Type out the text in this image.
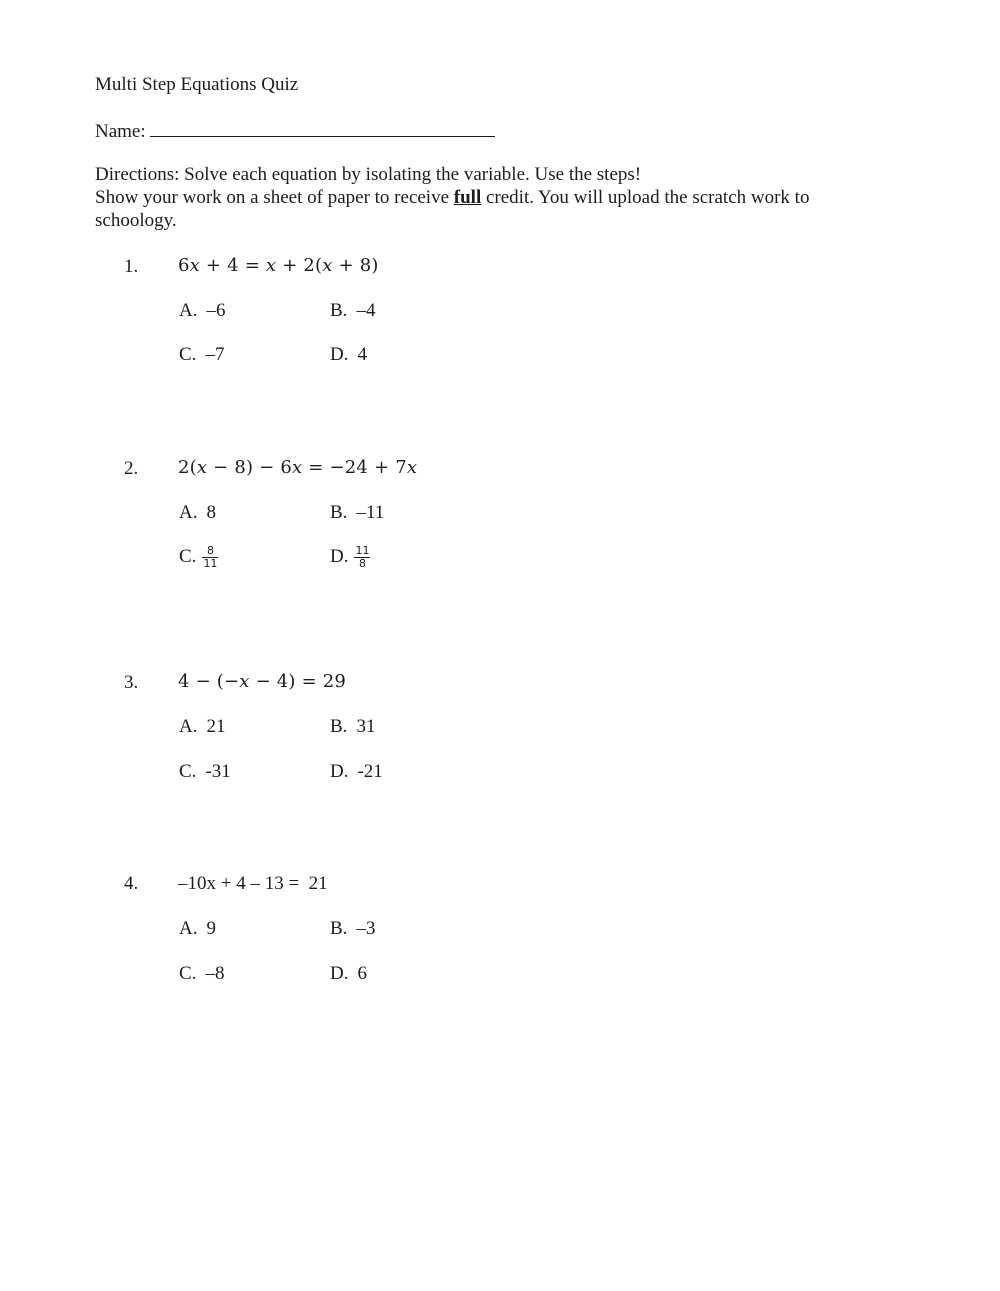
Multi Step Equations Quiz
Name:
Directions: Solve each equation by isolating the variable. Use the steps!
Show your work on a sheet of paper to receive full credit. You will upload the scratch work to schoology.
1. 6x + 4 = x + 2(x + 8)
A. –6	B. –4
C. –7	D. 4
2. 2(x − 8) − 6x = −24 + 7x
A. 8	B. –11
C. $\frac{8}{11}$	D. $\frac{11}{8}$
3. 4 − (−x − 4) = 29
A. 21	B. 31
C. -31	D. -21
4. –10x + 4 – 13 =  21
A. 9	B. –3
C. –8	D. 6
